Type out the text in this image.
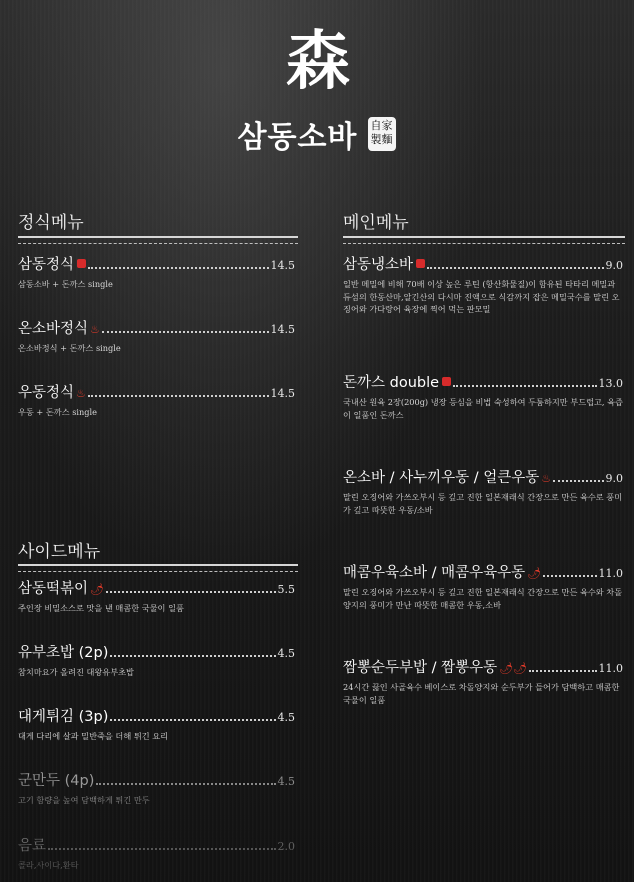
森
삼동소바 自家
製麵
정식메뉴
삼동정식	14.5
삼동소바 + 돈까스 single
온소바정식 ♨	14.5
온소바정식 + 돈까스 single
우동정식 ♨	14.5
우동 + 돈까스 single
사이드메뉴
삼동떡볶이 🌶	5.5
주인장 비밀소스로 맛을 낸 매콤한 국물이 일품
유부초밥 (2p)	4.5
참치마요가 올려진 대왕유부초밥
대게튀김 (3p)	4.5
대게 다리에 살과 밀반죽을 더해 튀긴 요리
군만두 (4p)	4.5
고기 함량을 높여 담백하게 튀긴 만두
음료	2.0
콜라,사이다,환타
메인메뉴
삼동냉소바	9.0
일반 메밀에 비해 70배 이상 높은 루틴 (항산화물질)이 함유된 타타리 메밀과 듀섬의 한동산마,알긴산의 다시마 진액으로 식감까지 잡은 메밀국수를 말린 오징어와 가다랑어 육장에 찍어 먹는 판모밀
돈까스 double	13.0
국내산 원육 2장(200g) 냉장 등심을 비법 숙성하여 두툼하지만 부드럽고, 육즙이 일품인 돈까스
온소바 / 사누끼우동 / 얼큰우동 ♨	9.0
말린 오징어와 가쓰오부시 등 깊고 진한 일본재래식 간장으로 만든 육수로 풍미가 깊고 따뜻한 우동/소바
매콤우육소바 / 매콤우육우동 🌶	11.0
말린 오징어와 가쓰오부시 등 깊고 진한 일본재래식 간장으로 만든 육수와 차돌양지의 풍미가 만난 따뜻한 매콤한 우동,소바
짬뽕순두부밥 / 짬뽕우동 🌶🌶	11.0
24시간 끓인 사골육수 베이스로 차돌양지와 순두부가 들어가 담백하고 매콤한 국물이 일품
